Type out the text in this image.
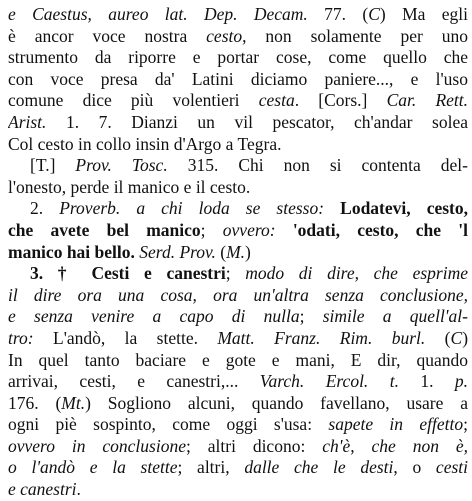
e Caestus, aureo lat. Dep. Decam. 77. (C) Ma egli
è ancor voce nostra cesto, non solamente per uno
strumento da riporre e portar cose, come quello che
con voce presa da' Latini diciamo paniere..., e l'uso
comune dice più volentieri cesta. [Cors.] Car. Rett.
Arist. 1. 7. Dianzi un vil pescator, ch'andar solea
Col cesto in collo insin d'Argo a Tegra.
[T.] Prov. Tosc. 315. Chi non si contenta del-
l'onesto, perde il manico e il cesto.
2. Proverb. a chi loda se stesso: Lodatevi, cesto,
che avete bel manico; ovvero: 'odati, cesto, che 'l
manico hai bello. Serd. Prov. (M.)
3. † Cesti e canestri; modo di dire, che esprime
il dire ora una cosa, ora un'altra senza conclusione,
e senza venire a capo di nulla; simile a quell'al-
tro: L'andò, la stette. Matt. Franz. Rim. burl. (C)
In quel tanto baciare e gote e mani, E dir, quando
arrivai, cesti, e canestri,... Varch. Ercol. t. 1. p.
176. (Mt.) Sogliono alcuni, quando favellano, usare a
ogni piè sospinto, come oggi s'usa: sapete in effetto;
ovvero in conclusione; altri dicono: ch'è, che non è,
o l'andò e la stette; altri, dalle che le desti, o cesti
e canestri.
